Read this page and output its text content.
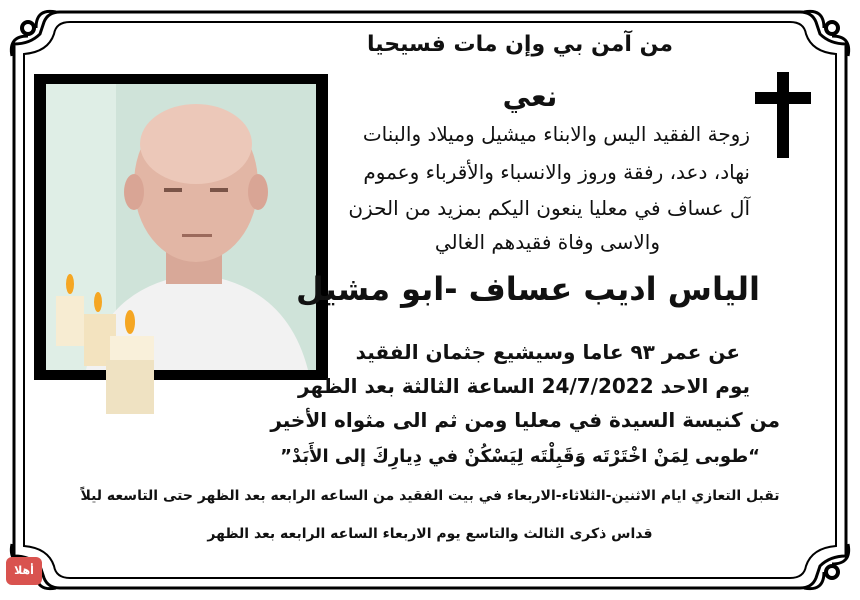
من آمن بي وإن مات فسيحيا
نعي
زوجة الفقيد اليس والابناء ميشيل وميلاد والبنات
نهاد، دعد، رفقة وروز والانسباء والأقرباء وعموم
آل عساف في معليا ينعون اليكم بمزيد من الحزن
والاسى وفاة فقيدهم الغالي
الياس اديب عساف -ابو مشيل
عن عمر ٩٣ عاما وسيشيع جثمان الفقيد
يوم الاحد 24/7/2022 الساعة الثالثة بعد الظهر
من كنيسة السيدة في معليا ومن ثم الى مثواه الأخير
“طوبى لِمَنْ اخْتَرْتَه وَقَبِلْتَه لِيَسْكُنْ في دِيارِكَ إلى الأَبَدْ”
تقبل التعازي ايام الاثنين-الثلاثاء-الاربعاء في بيت الفقيد من الساعه الرابعه بعد الظهر حتى التاسعه ليلاً
قداس ذكرى الثالث والتاسع يوم الاربعاء الساعه الرابعه بعد الظهر
أهلا
